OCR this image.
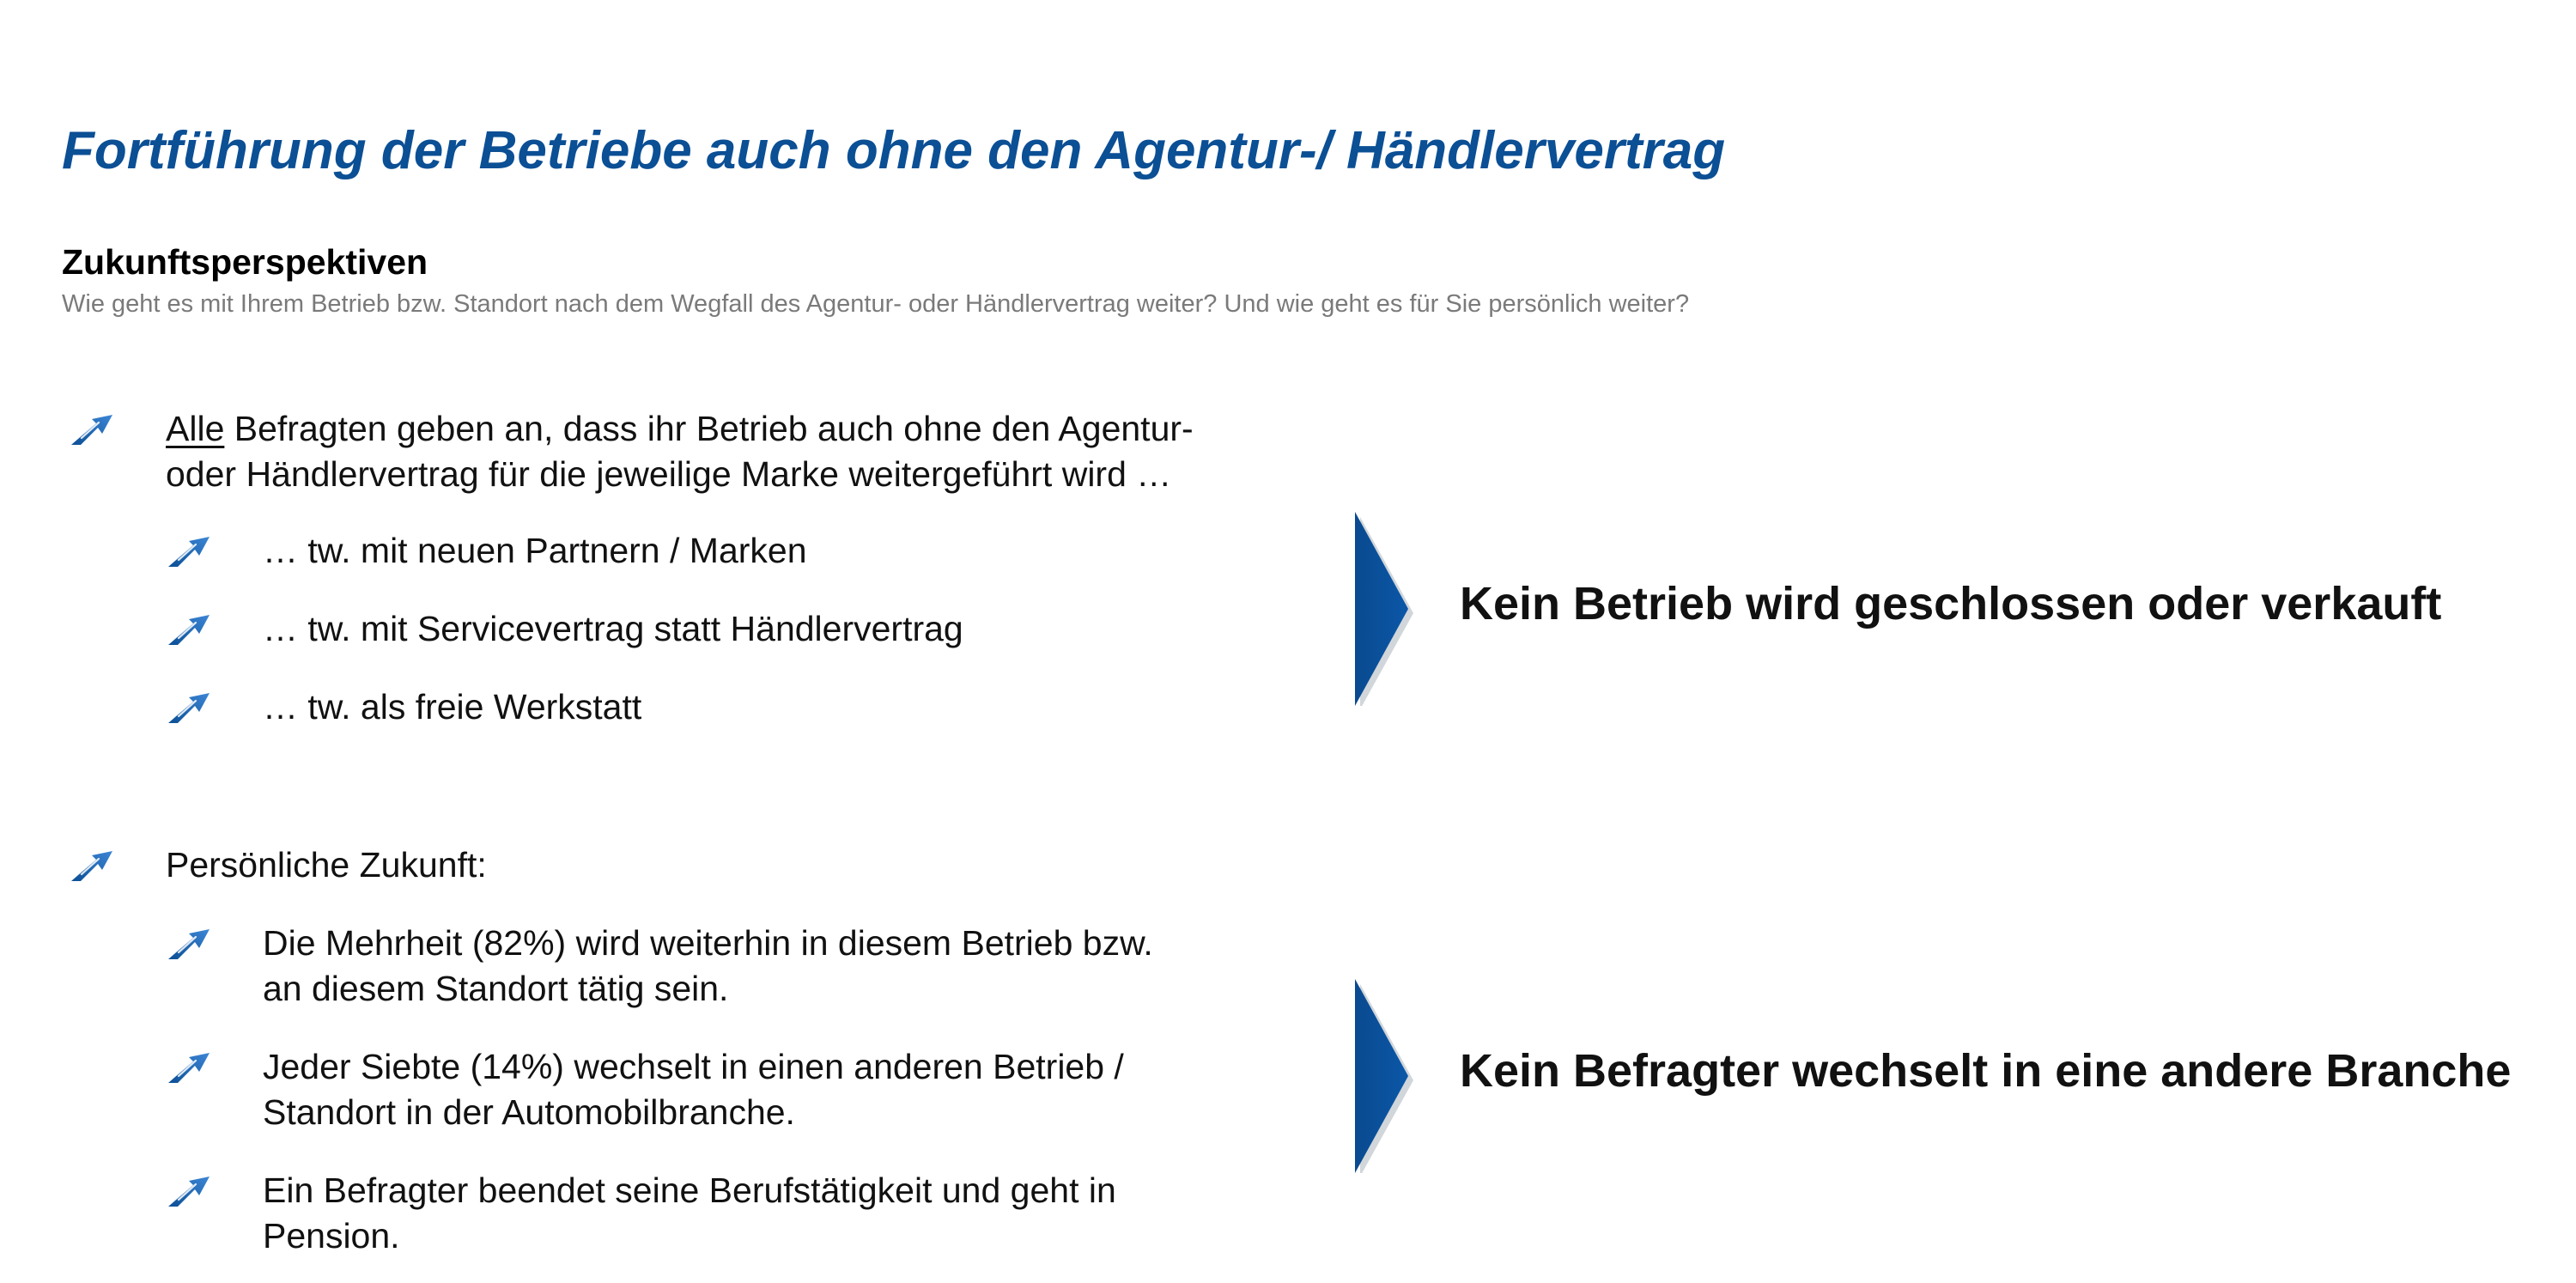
Fortführung der Betriebe auch ohne den Agentur-/ Händlervertrag
Zukunftsperspektiven

Wie geht es mit Ihrem Betrieb bzw. Standort nach dem Wegfall des Agentur- oder Händlervertrag weiter? Und wie geht es für Sie persönlich weiter?

Alle Befragten geben an, dass ihr Betrieb auch ohne den Agentur-
oder Händlervertrag für die jeweilige Marke weitergeführt wird …
… tw. mit neuen Partnern / Marken
… tw. mit Servicevertrag statt Händlervertrag
… tw. als freie Werkstatt

Kein Betrieb wird geschlossen oder verkauft

Persönliche Zukunft:
Die Mehrheit (82%) wird weiterhin in diesem Betrieb bzw.
an diesem Standort tätig sein.
Jeder Siebte (14%) wechselt in einen anderen Betrieb /
Standort in der Automobilbranche.
Ein Befragter beendet seine Berufstätigkeit und geht in
Pension.

Kein Befragter wechselt in eine andere Branche
